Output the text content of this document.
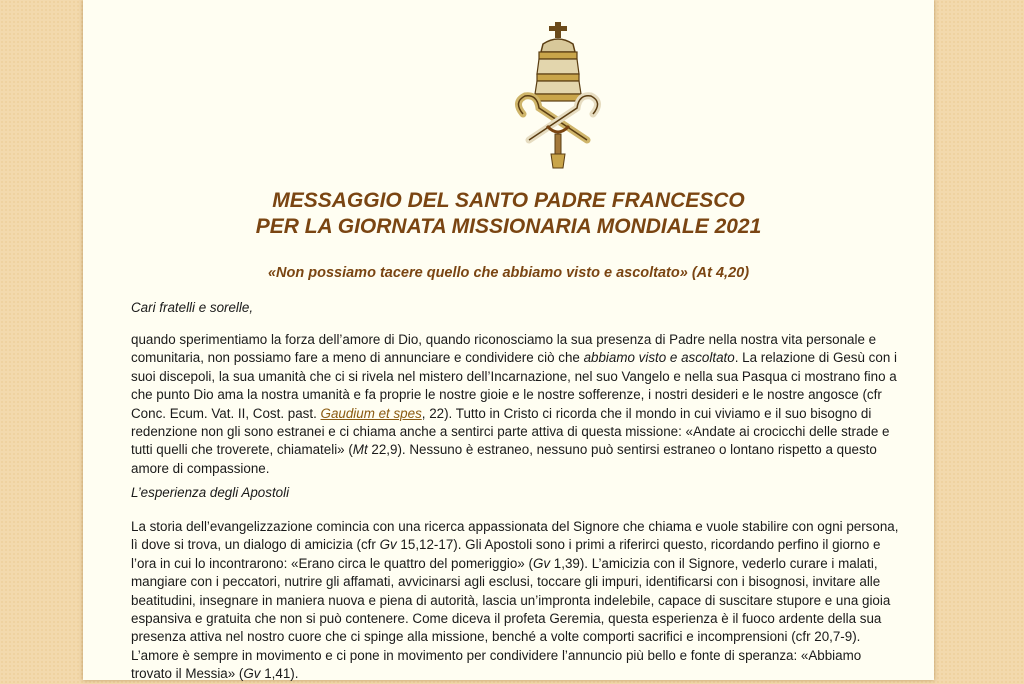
MESSAGGIO DEL SANTO PADRE FRANCESCO
PER LA GIORNATA MISSIONARIA MONDIALE 2021

«Non possiamo tacere quello che abbiamo visto e ascoltato» (At 4,20)

Cari fratelli e sorelle,

quando sperimentiamo la forza dell’amore di Dio, quando riconosciamo la sua presenza di Padre nella nostra vita personale e comunitaria, non possiamo fare a meno di annunciare e condividere ciò che abbiamo visto e ascoltato. La relazione di Gesù con i suoi discepoli, la sua umanità che ci si rivela nel mistero dell’Incarnazione, nel suo Vangelo e nella sua Pasqua ci mostrano fino a che punto Dio ama la nostra umanità e fa proprie le nostre gioie e le nostre sofferenze, i nostri desideri e le nostre angosce (cfr Conc. Ecum. Vat. II, Cost. past. Gaudium et spes, 22). Tutto in Cristo ci ricorda che il mondo in cui viviamo e il suo bisogno di redenzione non gli sono estranei e ci chiama anche a sentirci parte attiva di questa missione: «Andate ai crocicchi delle strade e tutti quelli che troverete, chiamateli» (Mt 22,9). Nessuno è estraneo, nessuno può sentirsi estraneo o lontano rispetto a questo amore di compassione.

L’esperienza degli Apostoli

La storia dell’evangelizzazione comincia con una ricerca appassionata del Signore che chiama e vuole stabilire con ogni persona, lì dove si trova, un dialogo di amicizia (cfr Gv 15,12-17). Gli Apostoli sono i primi a riferirci questo, ricordando perfino il giorno e l’ora in cui lo incontrarono: «Erano circa le quattro del pomeriggio» (Gv 1,39). L’amicizia con il Signore, vederlo curare i malati, mangiare con i peccatori, nutrire gli affamati, avvicinarsi agli esclusi, toccare gli impuri, identificarsi con i bisognosi, invitare alle beatitudini, insegnare in maniera nuova e piena di autorità, lascia un’impronta indelebile, capace di suscitare stupore e una gioia espansiva e gratuita che non si può contenere. Come diceva il profeta Geremia, questa esperienza è il fuoco ardente della sua presenza attiva nel nostro cuore che ci spinge alla missione, benché a volte comporti sacrifici e incomprensioni (cfr 20,7-9). L’amore è sempre in movimento e ci pone in movimento per condividere l’annuncio più bello e fonte di speranza: «Abbiamo trovato il Messia» (Gv 1,41).
